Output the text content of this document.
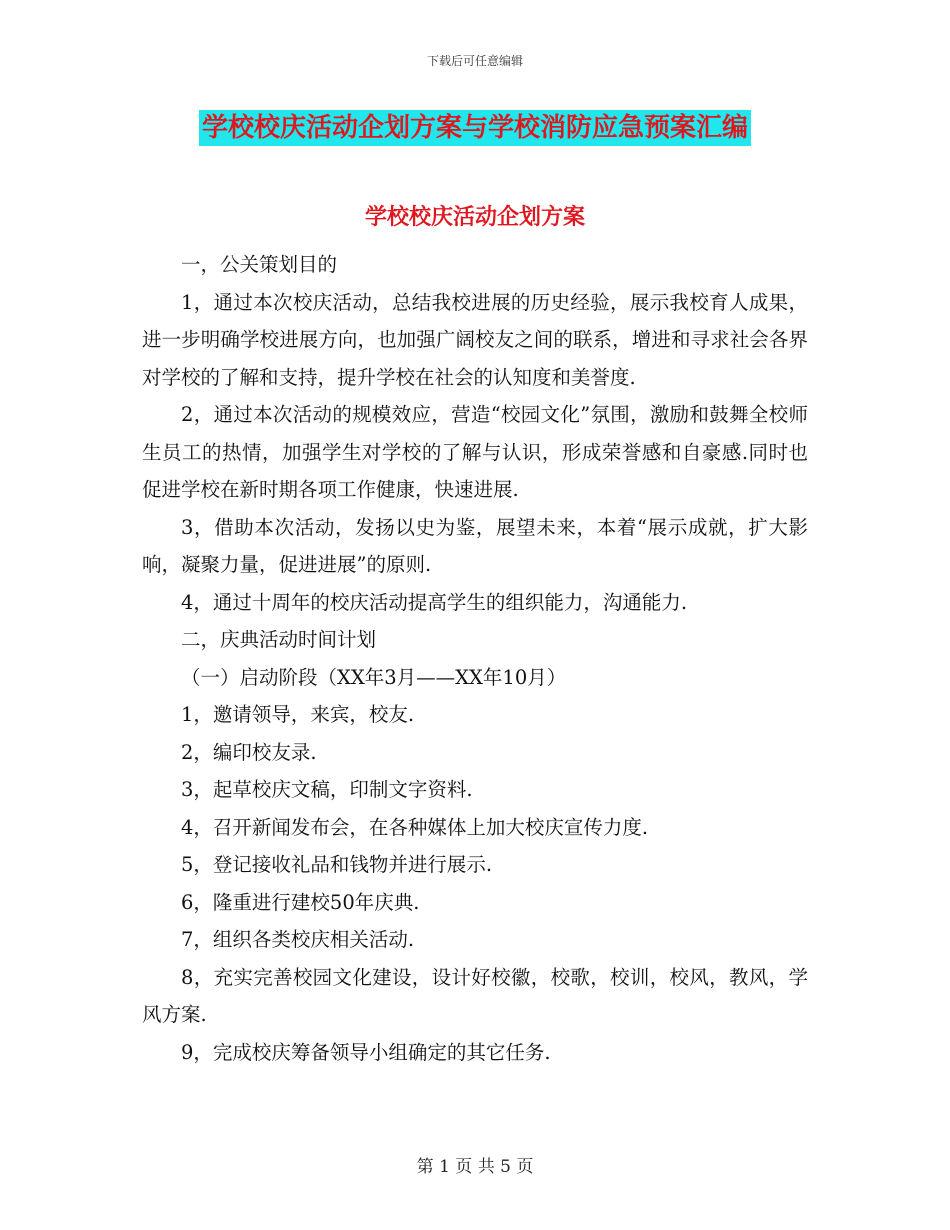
下载后可任意编辑
学校校庆活动企划方案与学校消防应急预案汇编
学校校庆活动企划方案

一，公关策划目的

1，通过本次校庆活动，总结我校进展的历史经验，展示我校育人成果，进一步明确学校进展方向，也加强广阔校友之间的联系，增进和寻求社会各界对学校的了解和支持，提升学校在社会的认知度和美誉度.

2，通过本次活动的规模效应，营造“校园文化”氛围，激励和鼓舞全校师生员工的热情，加强学生对学校的了解与认识，形成荣誉感和自豪感.同时也促进学校在新时期各项工作健康，快速进展.

3，借助本次活动，发扬以史为鉴，展望未来，本着“展示成就，扩大影响，凝聚力量，促进进展”的原则.

4，通过十周年的校庆活动提高学生的组织能力，沟通能力.

二，庆典活动时间计划

（一）启动阶段（XX年3月——XX年10月）

1，邀请领导，来宾，校友.

2，编印校友录.

3，起草校庆文稿，印制文字资料.

4，召开新闻发布会，在各种媒体上加大校庆宣传力度.

5，登记接收礼品和钱物并进行展示.

6，隆重进行建校50年庆典.

7，组织各类校庆相关活动.

8，充实完善校园文化建设，设计好校徽，校歌，校训，校风，教风，学风方案.

9，完成校庆筹备领导小组确定的其它任务.

第 1 页 共 5 页
